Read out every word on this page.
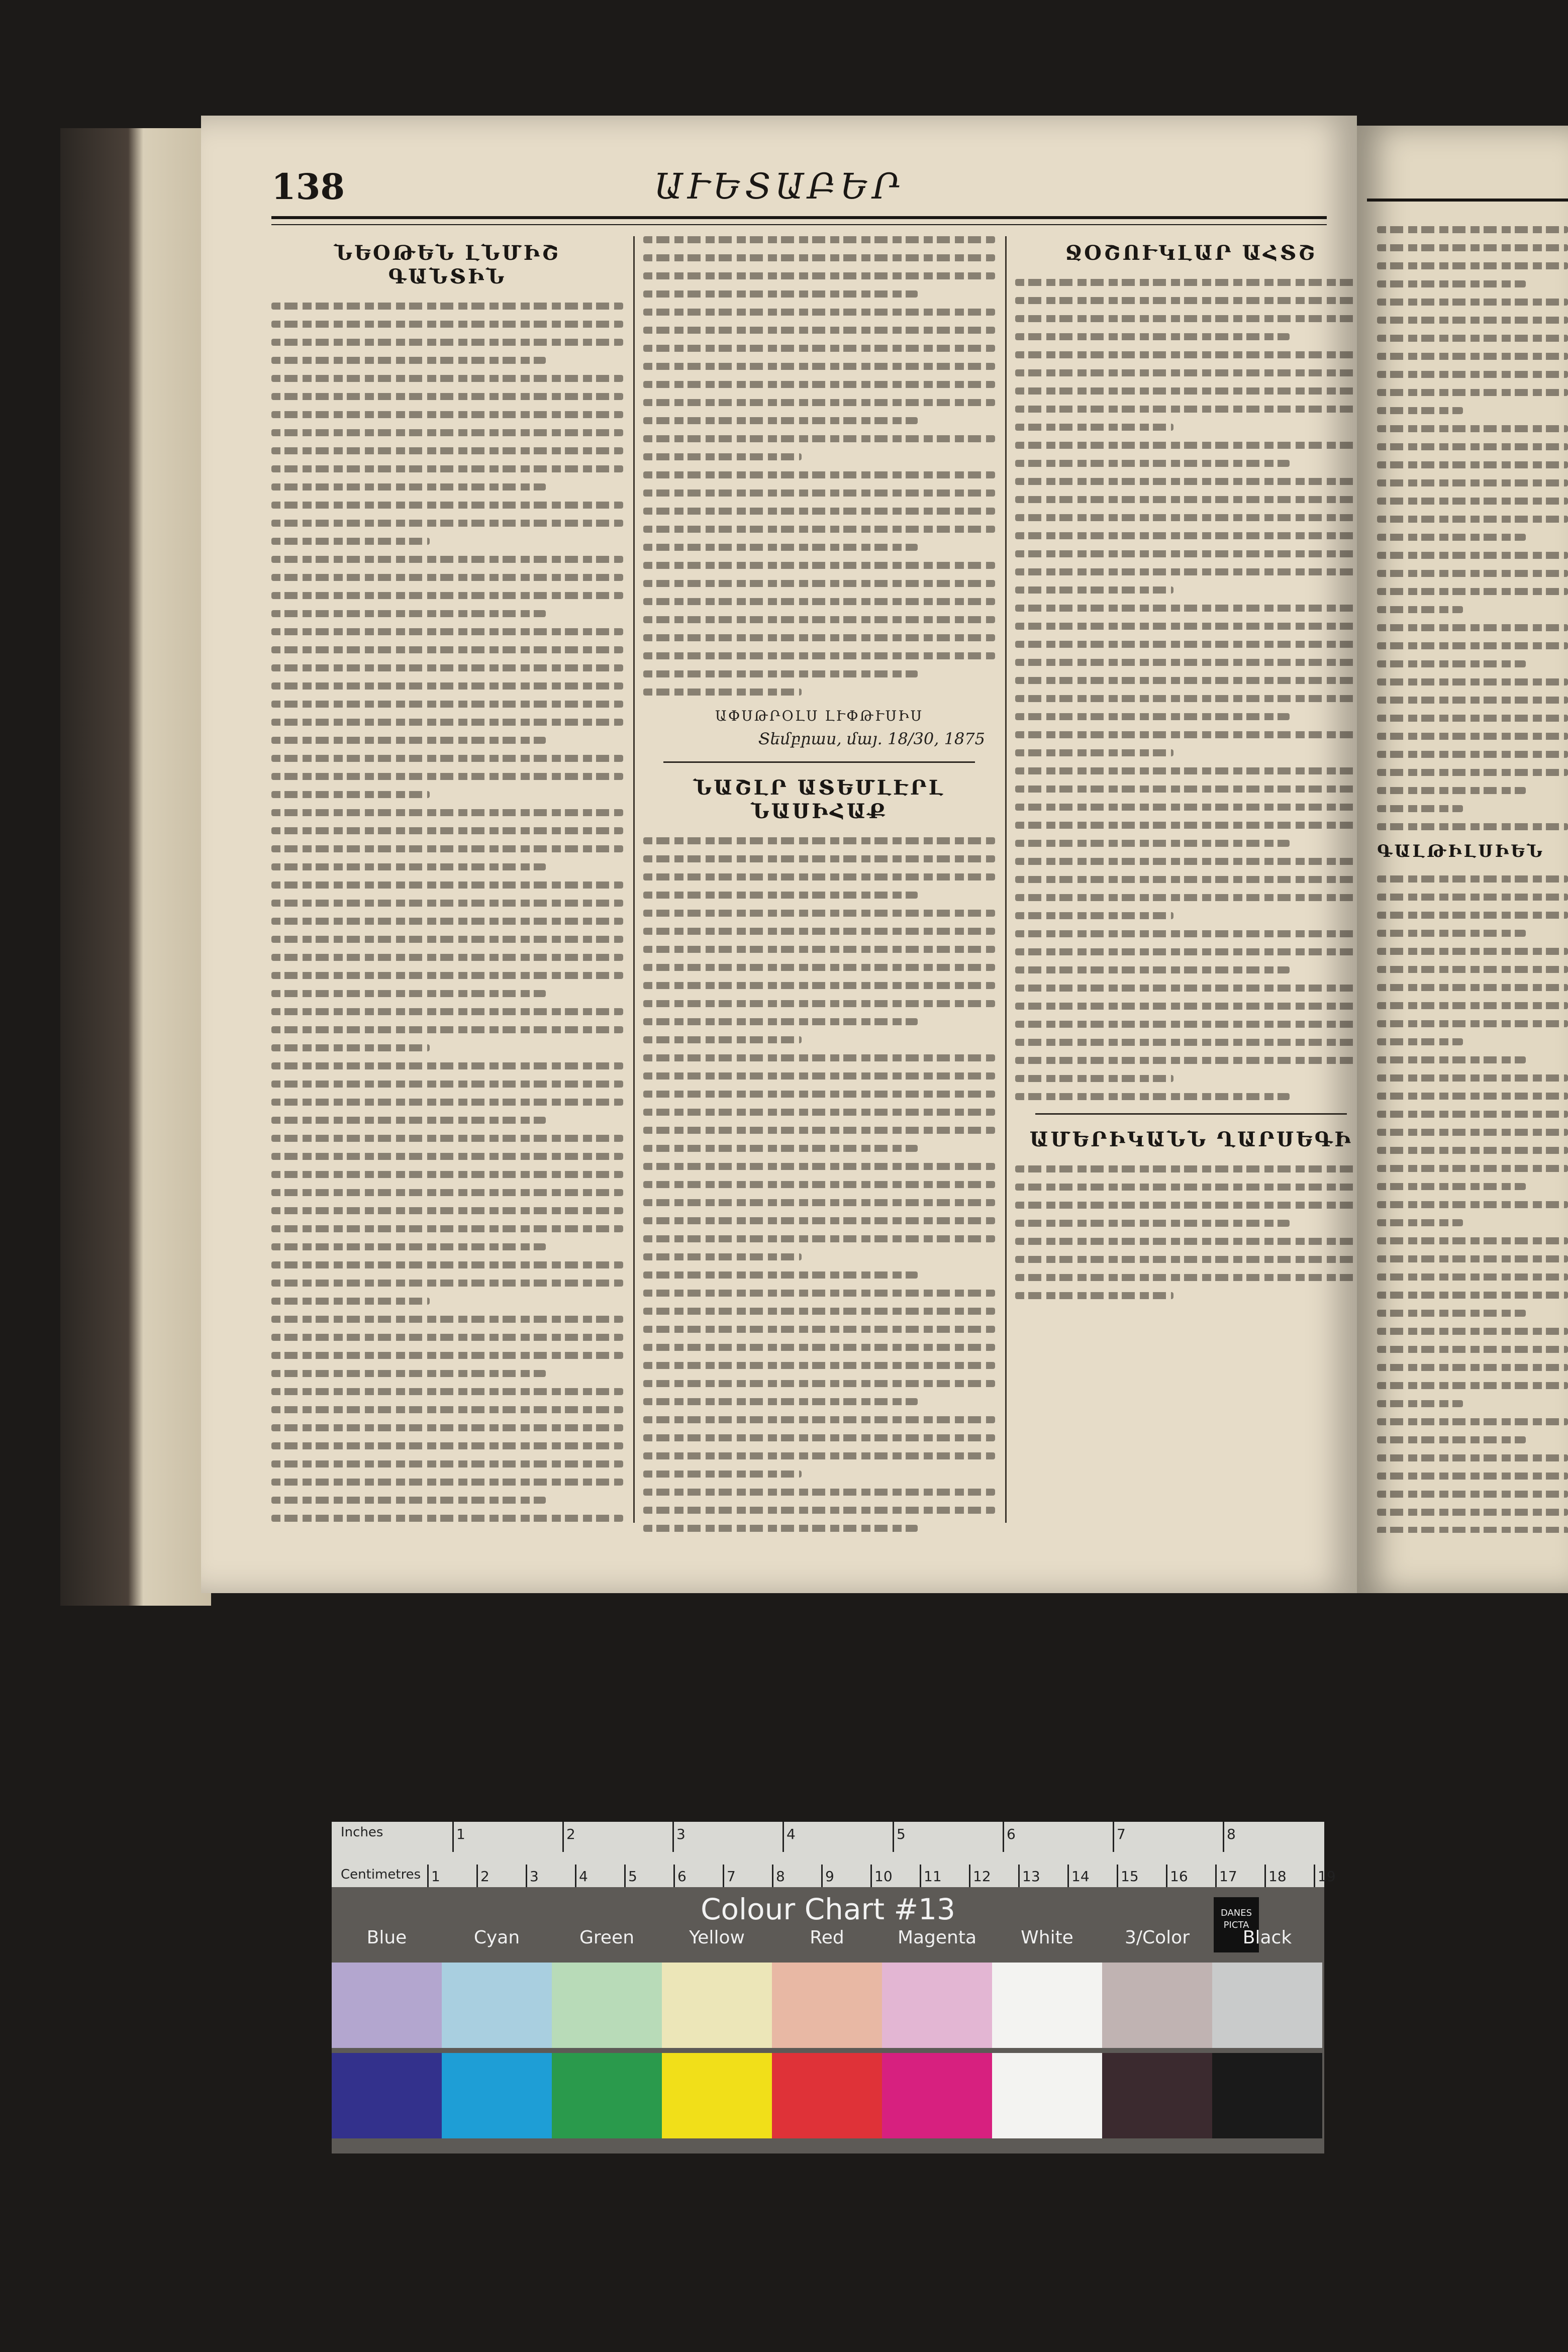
138	ԱՒԵՏԱԲԵՐ
ՆԵՕԹԵՆ ԼՆՄԻՇ ԳԱՆՏԻՆ
ԱՓՍԹՐՕԼՍ ԼՒՓԹՒՍԻՍ
Տեմբրաս, մայ. 18/30, 1875
ՆԱՇԼՐ ԱՏԵՄԼԷՐԼ ՆԱՍԻՀԱՔ
ՋՕՇՈՒԿԼԱՐ ԱՀՏՇ
ԱՄԵՐԻԿԱՆՆ ՂԱՐՍԵԳԻ
ԳԱԼԹԻԼՍԻԵՆ
Inches
Centimetres
1	2	3	4	5	6	7	8
1	2	3	4	5	6	7	8	9	10 11 12 13 14 15 16 17 18 19
Colour Chart #13	DANES
PICTA
Blue	Cyan	Green	Yellow	Red	Magenta	White	3/Color	Black
